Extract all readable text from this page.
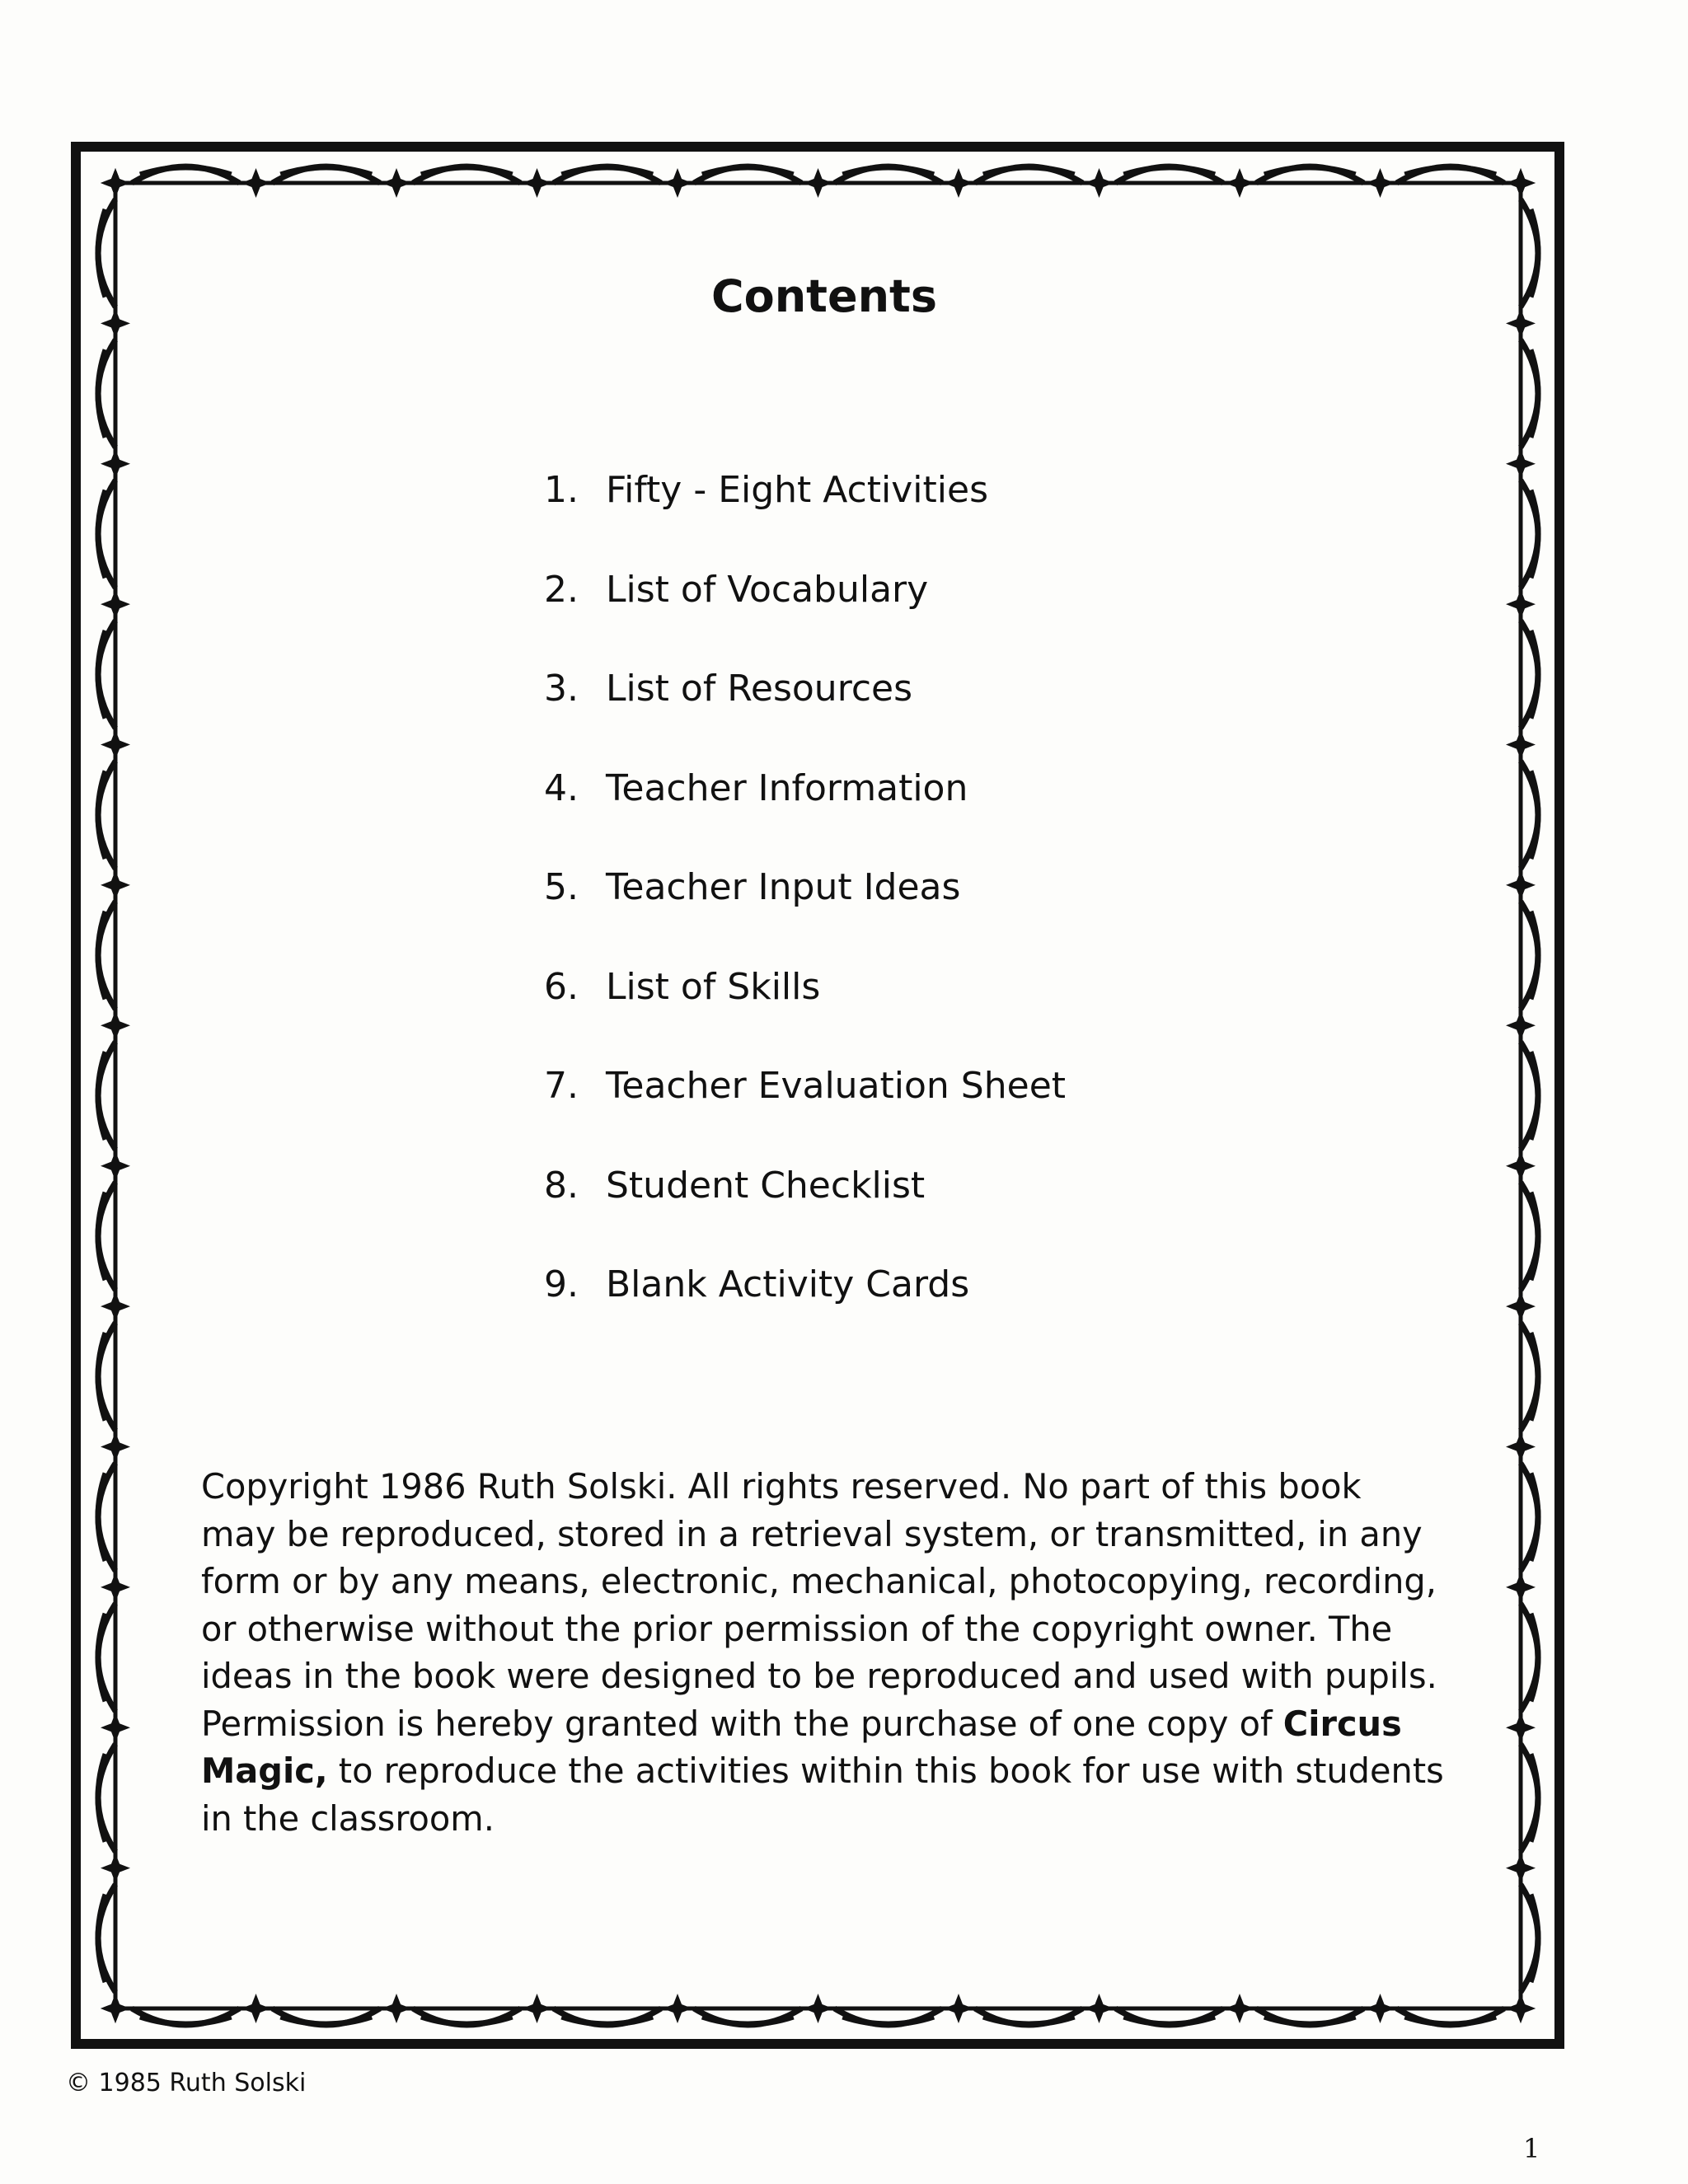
Contents
1. Fifty - Eight Activities
2. List of Vocabulary
3. List of Resources
4. Teacher Information
5. Teacher Input Ideas
6. List of Skills
7. Teacher Evaluation Sheet
8. Student Checklist
9. Blank Activity Cards

Copyright 1986 Ruth Solski. All rights reserved. No part of this book may be reproduced, stored in a retrieval system, or transmitted, in any form or by any means, electronic, mechanical, photocopying, recording, or otherwise without the prior permission of the copyright owner. The ideas in the book were designed to be reproduced and used with pupils. Permission is hereby granted with the purchase of one copy of Circus Magic, to reproduce the activities within this book for use with students in the classroom.

© 1985 Ruth Solski
1
